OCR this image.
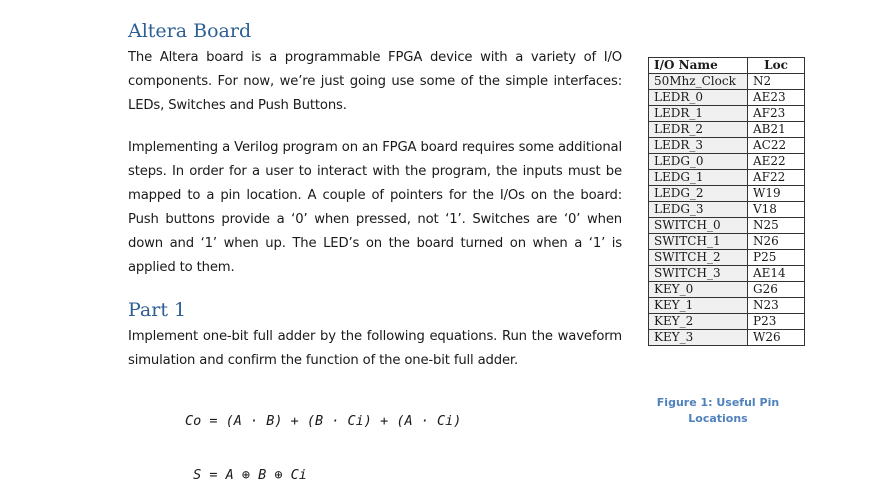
Altera Board

The Altera board is a programmable FPGA device with a variety of I/O components. For now, we’re just going use some of the simple interfaces: LEDs, Switches and Push Buttons.

Implementing a Verilog program on an FPGA board requires some additional steps. In order for a user to interact with the program, the inputs must be mapped to a pin location. A couple of pointers for the I/Os on the board: Push buttons provide a ‘0’ when pressed, not ‘1’. Switches are ‘0’ when down and ‘1’ when up. The LED’s on the board turned on when a ‘1’ is applied to them.

Part 1

Implement one-bit full adder by the following equations. Run the waveform simulation and confirm the function of the one-bit full adder.

Co = (A · B) + (B · Ci) + (A · Ci)

S = A ⊕ B ⊕ Ci

I/O Name	Loc
50Mhz_Clock	N2
LEDR_0	AE23
LEDR_1	AF23
LEDR_2	AB21
LEDR_3	AC22
LEDG_0	AE22
LEDG_1	AF22
LEDG_2	W19
LEDG_3	V18
SWITCH_0	N25
SWITCH_1	N26
SWITCH_2	P25
SWITCH_3	AE14
KEY_0	G26
KEY_1	N23
KEY_2	P23
KEY_3	W26
Figure 1: Useful Pin Locations
